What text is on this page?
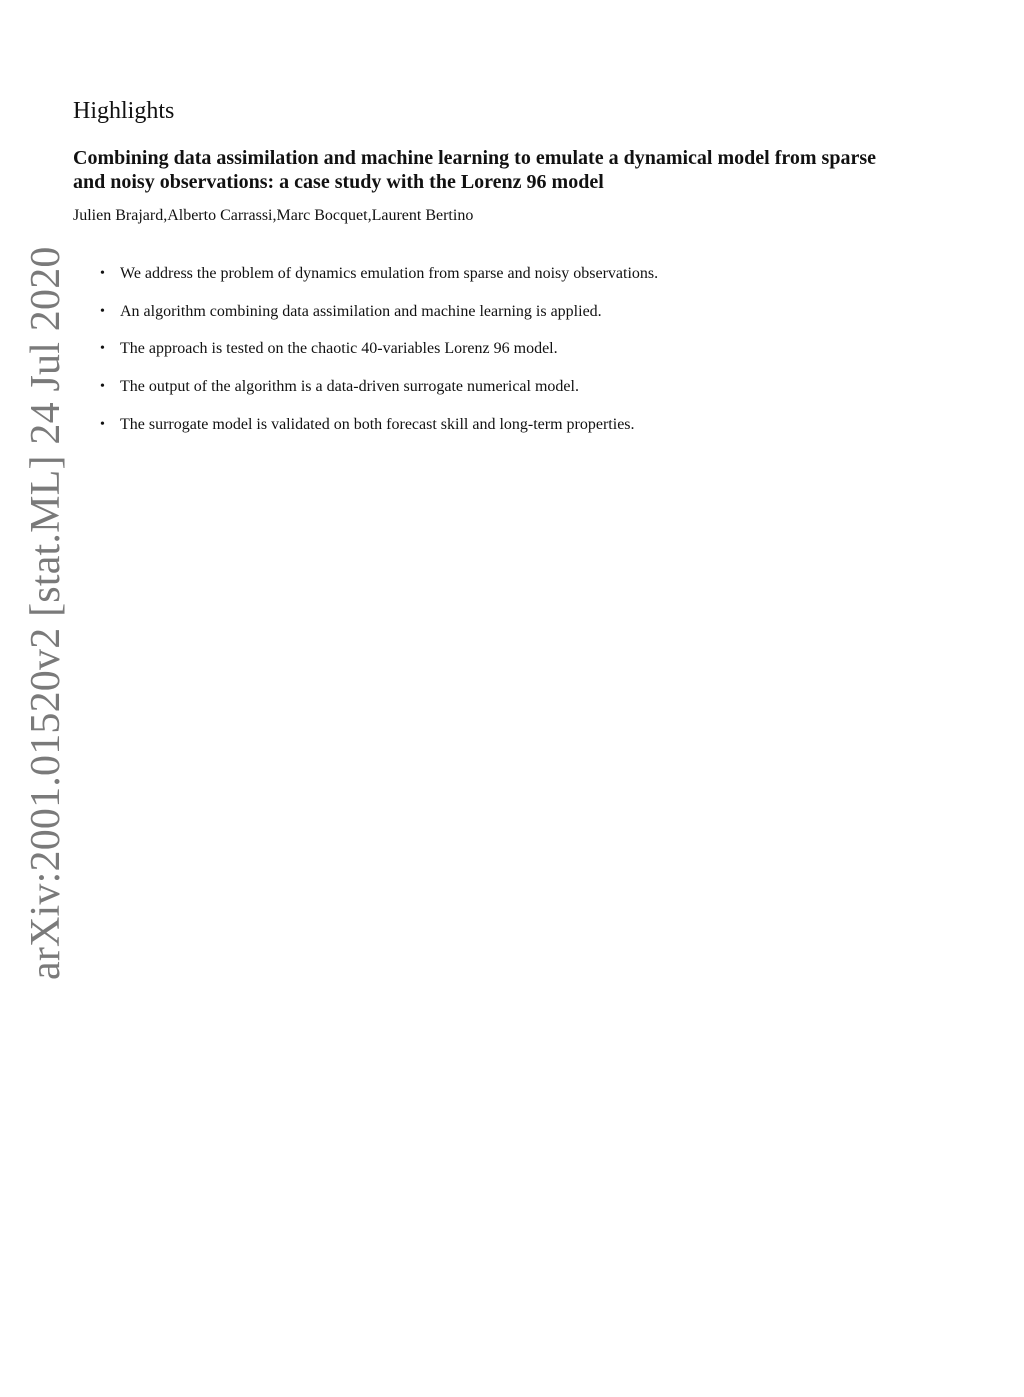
Highlights
Combining data assimilation and machine learning to emulate a dynamical model from sparse
and noisy observations: a case study with the Lorenz 96 model

Julien Brajard,Alberto Carrassi,Marc Bocquet,Laurent Bertino

• We address the problem of dynamics emulation from sparse and noisy observations.
• An algorithm combining data assimilation and machine learning is applied.
• The approach is tested on the chaotic 40-variables Lorenz 96 model.
• The output of the algorithm is a data-driven surrogate numerical model.
• The surrogate model is validated on both forecast skill and long-term properties.
arXiv:2001.01520v2 [stat.ML] 24 Jul 2020
